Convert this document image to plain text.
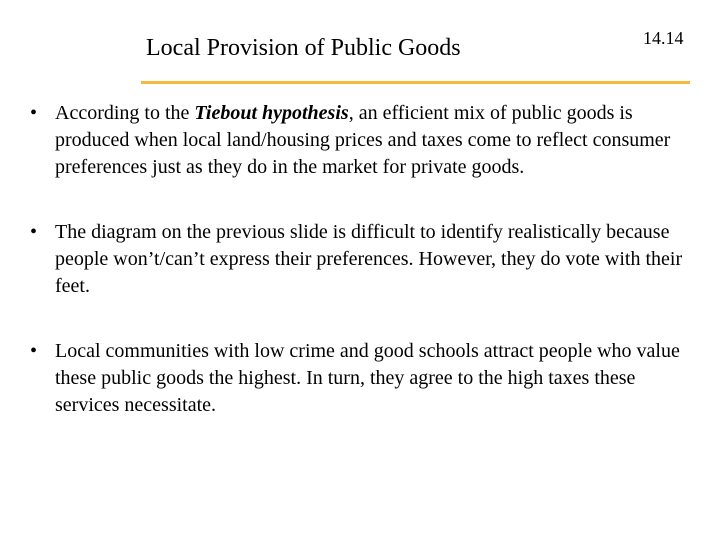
Local Provision of Public Goods	14.14
• According to the Tiebout hypothesis, an efficient mix of public goods is produced when local land/housing prices and taxes come to reflect consumer preferences just as they do in the market for private goods.
• The diagram on the previous slide is difficult to identify realistically because people won’t/can’t express their preferences. However, they do vote with their feet.
• Local communities with low crime and good schools attract people who value these public goods the highest. In turn, they agree to the high taxes these services necessitate.
